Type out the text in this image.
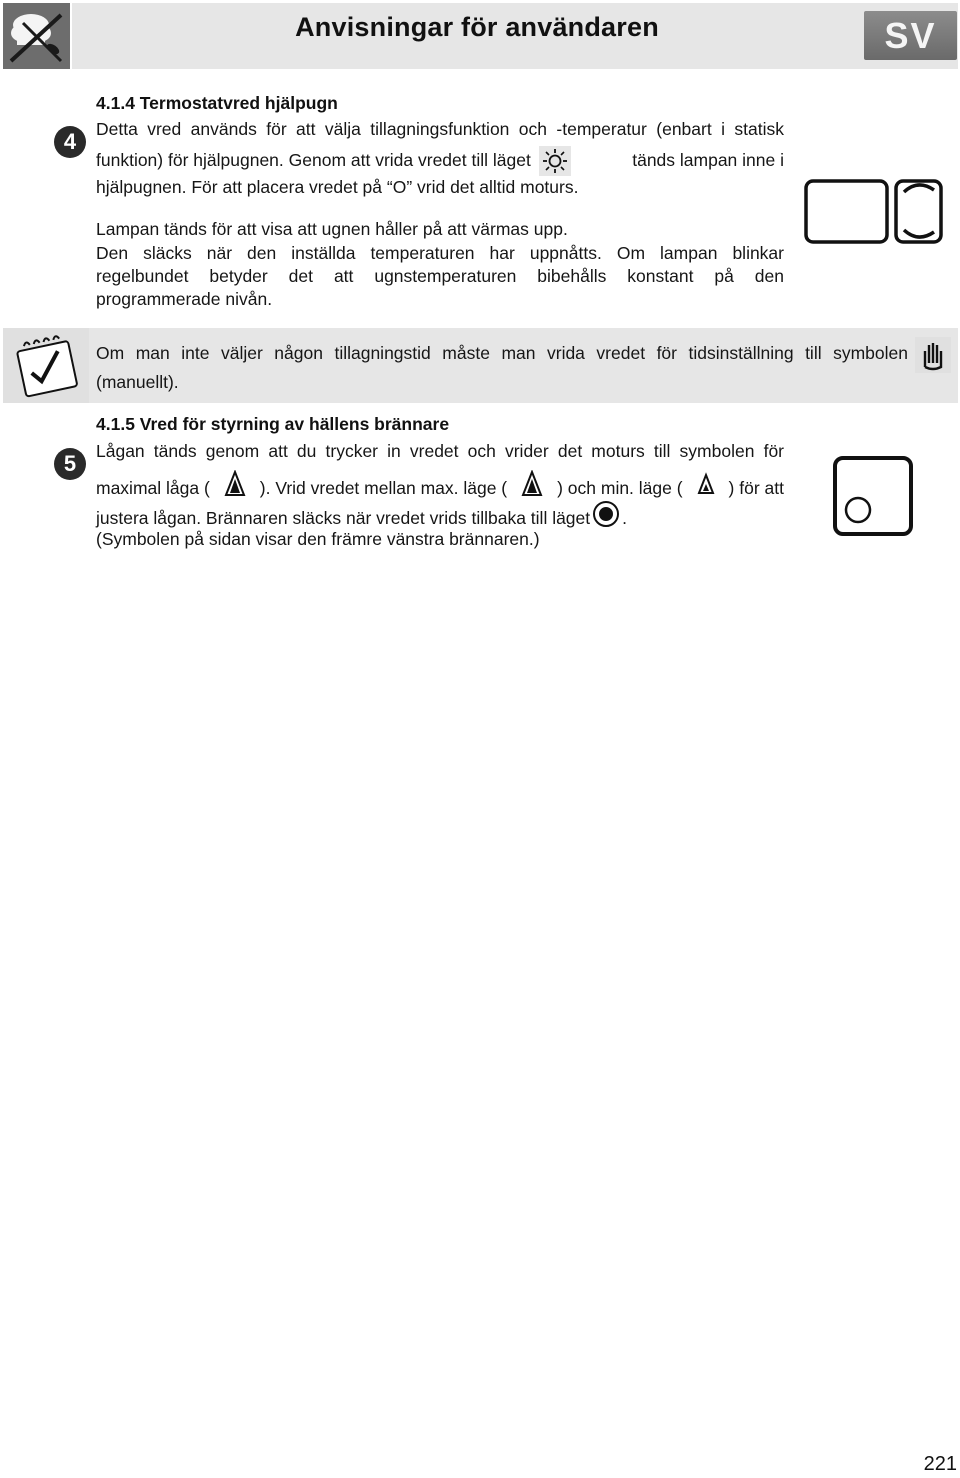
Anvisningar för användaren	SV
4
4.1.4 Termostatvred hjälpugn
Detta vred används för att välja tillagningsfunktion och -temperatur (enbart i statisk
funktion) för hjälpugnen. Genom att vrida vredet till läget	tänds lampan inne i
hjälpugnen. För att placera vredet på “O” vrid det alltid moturs.
Lampan tänds för att visa att ugnen håller på att värmas upp.
Den släcks när den inställda temperaturen har uppnåtts. Om lampan blinkar
regelbundet betyder det att ugnstemperaturen bibehålls konstant på den
programmerade nivån.
Om man inte väljer någon tillagningstid måste man vrida vredet för tidsinställning till symbolen
(manuellt).
5
4.1.5 Vred för styrning av hällens brännare
Lågan tänds genom att du trycker in vredet och vrider det moturs till symbolen för
maximal låga (	). Vrid vredet mellan max. läge (	) och min. läge (	) för att
justera lågan. Brännaren släcks när vredet vrids tillbaka till läget .
(Symbolen på sidan visar den främre vänstra brännaren.)
221
